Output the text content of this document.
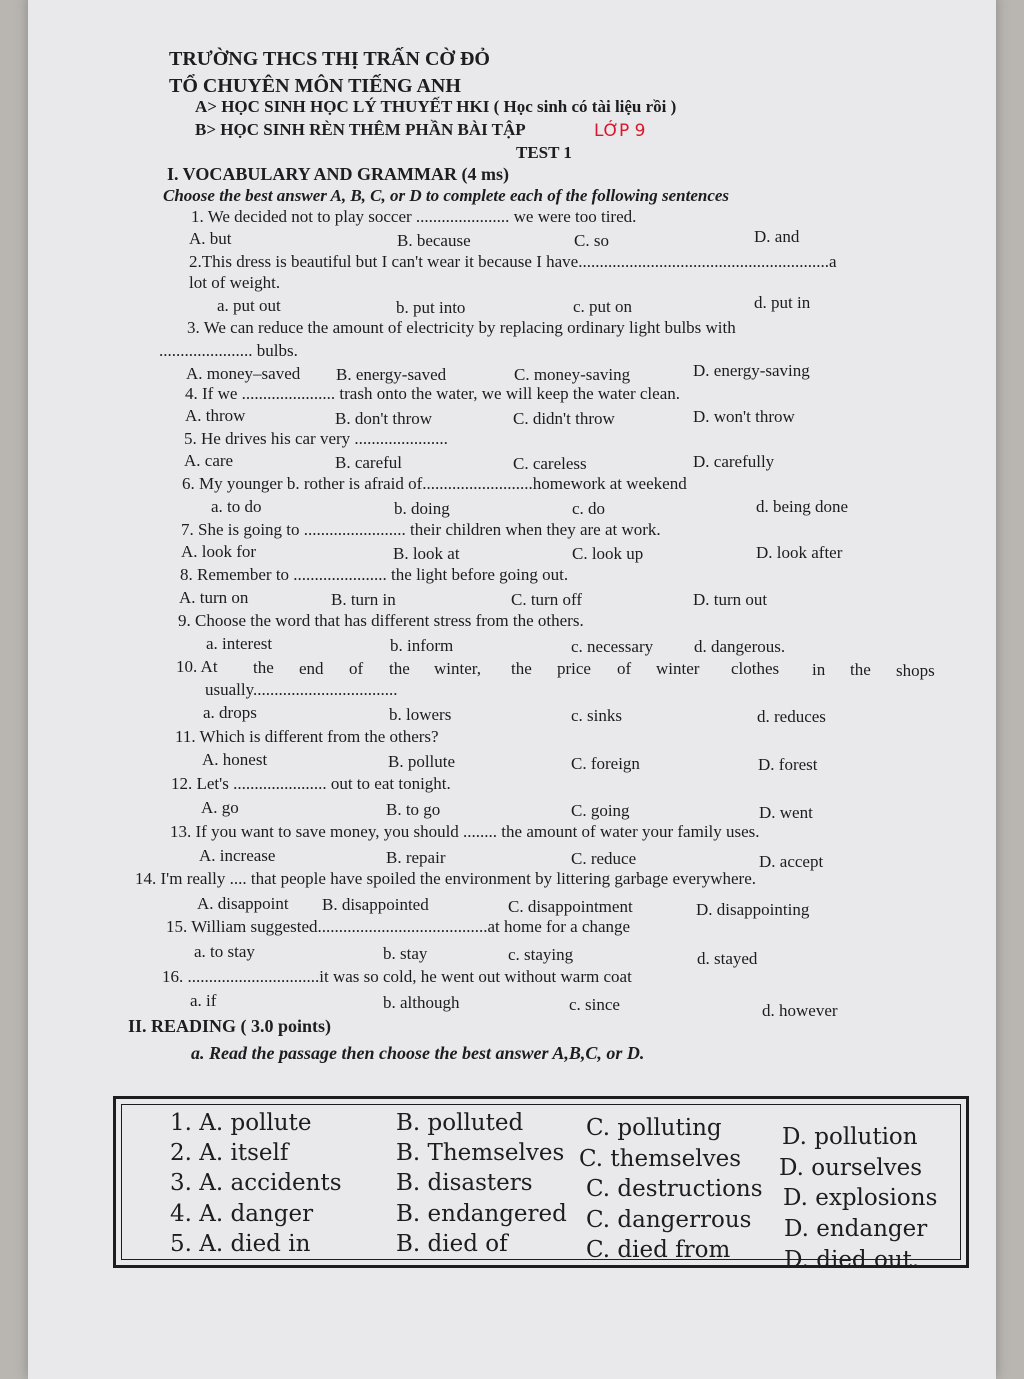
TRƯỜNG THCS THỊ TRẤN CỜ ĐỎ
TỔ CHUYÊN MÔN TIẾNG ANH
A> HỌC SINH HỌC LÝ THUYẾT HKI ( Học sinh có tài liệu rồi )
B> HỌC SINH RÈN THÊM PHẦN BÀI TẬP	LỚP 9
TEST 1
I. VOCABULARY AND GRAMMAR (4 ms)
Choose the best answer A, B, C, or D to complete each of the following sentences
1. We decided not to play soccer ...................... we were too tired.
A. but	B. because	C. so	D. and
2.This dress is beautiful but I can't wear it because I have...........................................................a
lot of weight.
a. put out	b. put into	c. put on	d. put in
3. We can reduce the amount of electricity by replacing ordinary light bulbs with
...................... bulbs.
A. money–saved B. energy-saved	C. money-saving	D. energy-saving
4. If we ...................... trash onto the water, we will keep the water clean.
A. throw	B. don't throw	C. didn't throw	D. won't throw
5. He drives his car very ......................
A. care	B. careful	C. careless	D. carefully
6. My younger b. rother is afraid of..........................homework at weekend
a. to do	b. doing	c. do	d. being done
7. She is going to ........................ their children when they are at work.
A. look for	B. look at	C. look up	D. look after
8. Remember to ...................... the light before going out.
A. turn on	B. turn in	C. turn off	D. turn out
9. Choose the word that has different stress from the others.
a. interest	b. inform	c. necessary d. dangerous.
10. At the end of the winter, the price of winter clothes in the shops
usually..................................
a. drops	b. lowers	c. sinks	d. reduces
11. Which is different from the others?
A. honest	B. pollute	C. foreign	D. forest
12. Let's ...................... out to eat tonight.
A. go	B. to go	C. going	D. went
13. If you want to save money, you should ........ the amount of water your family uses.
A. increase	B. repair	C. reduce	D. accept
14. I'm really .... that people have spoiled the environment by littering garbage everywhere.
A. disappoint B. disappointed	C. disappointment	D. disappointing
15. William suggested........................................at home for a change
a. to stay	b. stay	c. staying	d. stayed
16. ...............................it was so cold, he went out without warm coat
a. if	b. although	c. since	d. however
II. READING ( 3.0 points)
a. Read the passage then choose the best answer A,B,C, or D.
1. A. pollute	B. polluted	C. polluting	D. pollution
2. A. itself	B. Themselves C. themselves D. ourselves
3. A. accidents B. disasters C. destructions D. explosions
4. A. danger	B. endangered C. dangerrous D. endanger
5. A. died in	B. died of	C. died from D. died out.
